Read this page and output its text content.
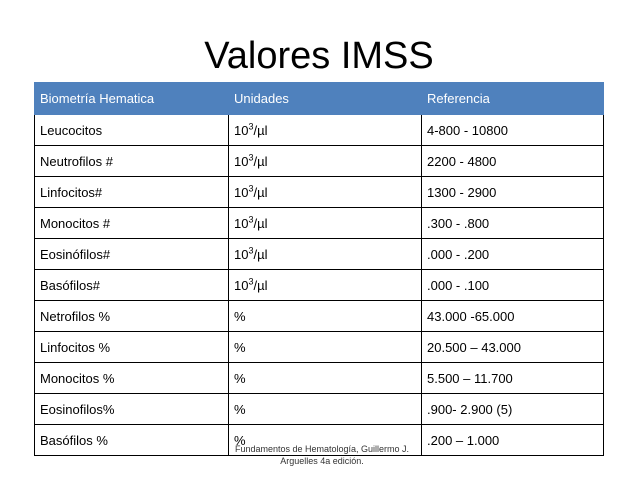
Valores IMSS
Biometría Hematica	Unidades	Referencia
Leucocitos	$10^3/\mu l$	4-800 - 10800
Neutrofilos #	$10^3/\mu l$	2200 - 4800
Linfocitos#	$10^3/\mu l$	1300 - 2900
Monocitos #	$10^3/\mu l$	.300 - .800
Eosinófilos#	$10^3/\mu l$	.000 - .200
Basófilos#	$10^3/\mu l$	.000 - .100
Netrofilos %	%	43.000 -65.000
Linfocitos %	%	20.500 – 43.000
Monocitos %	%	5.500 – 11.700
Eosinofilos%	%	.900- 2.900 (5)
Basófilos %	%	.200 – 1.000
Fundamentos de Hematología, Guillermo J.
Arguelles 4a edición.
